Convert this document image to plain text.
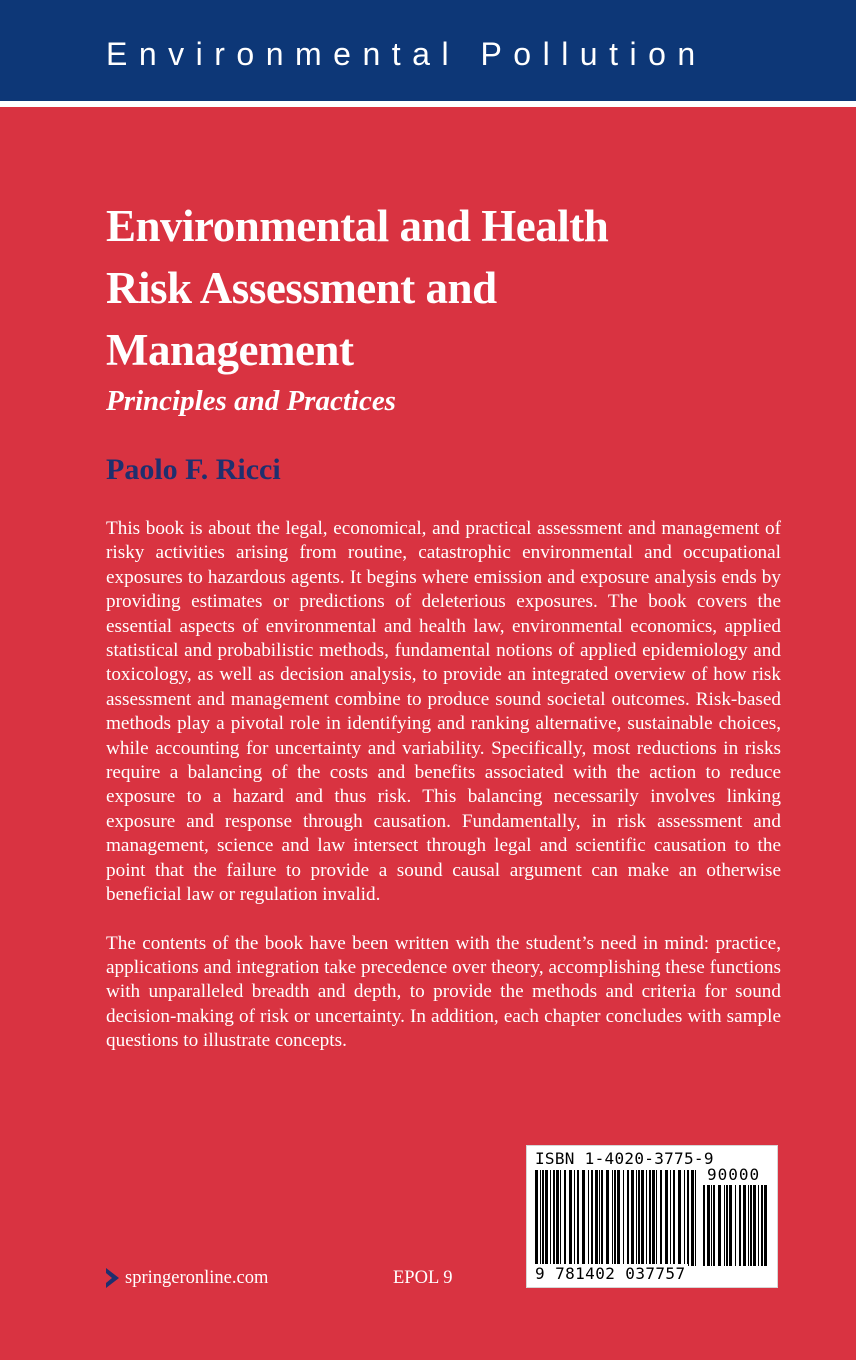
Environmental Pollution
Environmental and Health
Risk Assessment and
Management
Principles and Practices
Paolo F. Ricci

This book is about the legal, economical, and practical assessment and management of risky activities arising from routine, catastrophic environmental and occupational exposures to hazardous agents. It begins where emission and exposure analysis ends by providing estimates or predictions of deleterious exposures. The book covers the essential aspects of environmental and health law, environmental economics, applied statistical and probabilistic methods, fundamental notions of applied epidemiology and toxicology, as well as decision analysis, to provide an integrated overview of how risk assessment and management combine to produce sound societal outcomes. Risk-based methods play a pivotal role in identifying and ranking alternative, sustainable choices, while accounting for uncertainty and variability. Specifically, most reductions in risks require a balancing of the costs and benefits associated with the action to reduce exposure to a hazard and thus risk. This balancing necessarily involves linking exposure and response through causation. Fundamentally, in risk assessment and management, science and law intersect through legal and scientific causation to the point that the failure to provide a sound causal argument can make an otherwise beneficial law or regulation invalid.

The contents of the book have been written with the student’s need in mind: practice, applications and integration take precedence over theory, accomplishing these functions with unparalleled breadth and depth, to provide the methods and criteria for sound decision-making of risk or uncertainty. In addition, each chapter concludes with sample questions to illustrate concepts.

springeronline.com	EPOL 9
ISBN 1-4020-3775-9
90000
9 781402 037757
